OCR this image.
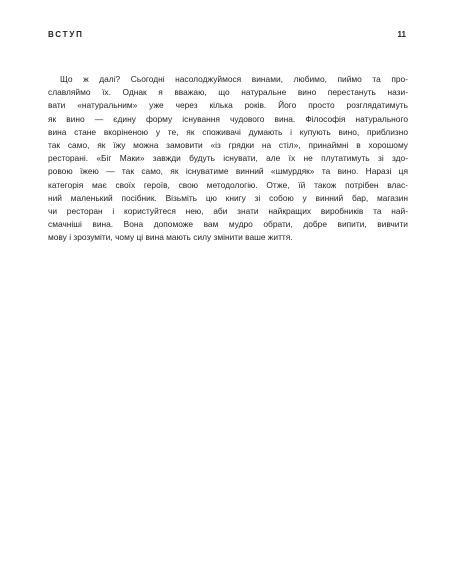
ВСТУП	11
Що ж далі? Сьогодні насолоджуймося винами, любимо, пиймо та про-
славляймо їх. Однак я вважаю, що натуральне вино перестануть нази-
вати «натуральним» уже через кілька років. Його просто розглядатимуть
як вино — єдину форму існування чудового вина. Філософія натурального
вина стане вкоріненою у те, як споживачі думають і купують вино, приблизно
так само, як їжу можна замовити «із грядки на стіл», принаймні в хорошому
ресторані. «Біг Маки» завжди будуть існувати, але їх не плутатимуть зі здо-
ровою їжею — так само, як існуватиме винний «шмурдяк» та вино. Наразі ця
категорія має своїх героїв, свою методологію. Отже, їй також потрібен влас-
ний маленький посібник. Візьміть цю книгу зі собою у винний бар, магазин
чи ресторан і користуйтеся нею, аби знати найкращих виробників та най-
смачніші вина. Вона допоможе вам мудро обрати, добре випити, вивчити
мову і зрозуміти, чому ці вина мають силу змінити ваше життя.
